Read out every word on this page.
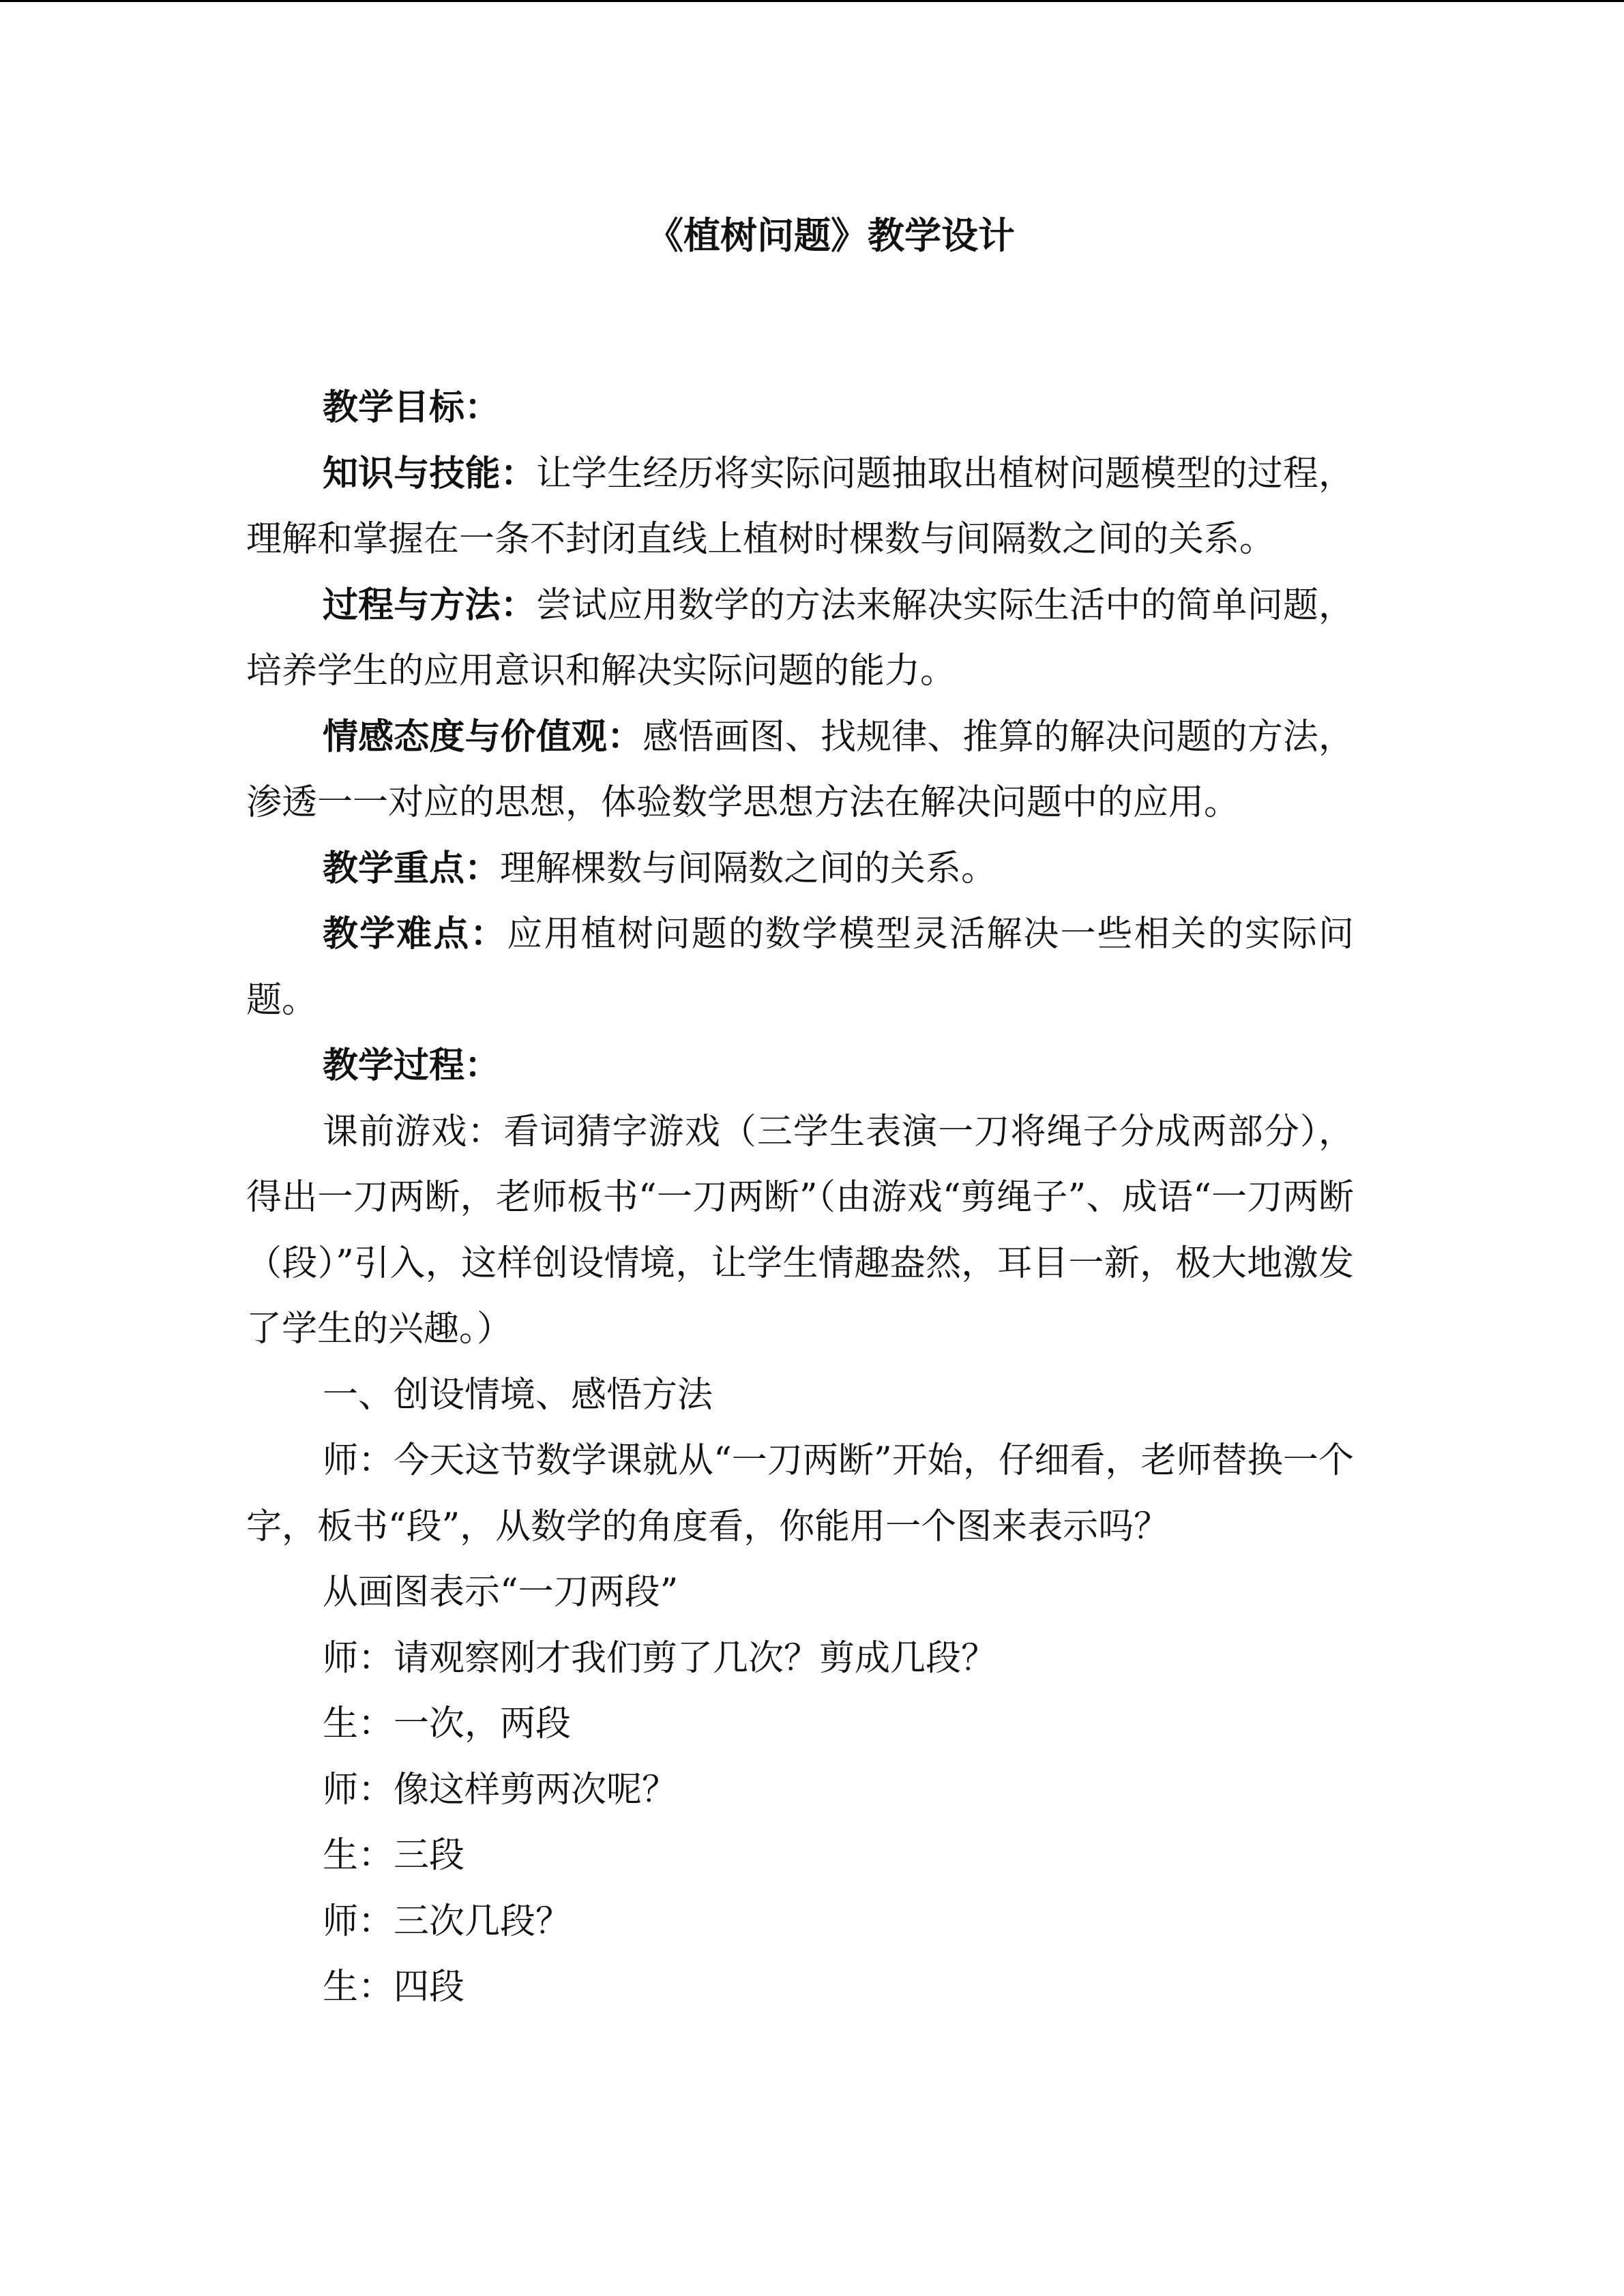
《植树问题》教学设计

教学目标：

知识与技能：让学生经历将实际问题抽取出植树问题模型的过程，理解和掌握在一条不封闭直线上植树时棵数与间隔数之间的关系。

过程与方法：尝试应用数学的方法来解决实际生活中的简单问题，培养学生的应用意识和解决实际问题的能力。

情感态度与价值观：感悟画图、找规律、推算的解决问题的方法，渗透一一对应的思想，体验数学思想方法在解决问题中的应用。

教学重点：理解棵数与间隔数之间的关系。

教学难点：应用植树问题的数学模型灵活解决一些相关的实际问题。

教学过程：

课前游戏：看词猜字游戏（三学生表演一刀将绳子分成两部分），得出一刀两断，老师板书“一刀两断”（由游戏“剪绳子”、成语“一刀两断（段）”引入，这样创设情境，让学生情趣盎然，耳目一新，极大地激发了学生的兴趣。）

一、创设情境、感悟方法

师：今天这节数学课就从“一刀两断”开始，仔细看，老师替换一个字，板书“段”，从数学的角度看，你能用一个图来表示吗？

从画图表示“一刀两段”

师：请观察刚才我们剪了几次？剪成几段？

生：一次，两段

师：像这样剪两次呢？

生：三段

师：三次几段？

生：四段
